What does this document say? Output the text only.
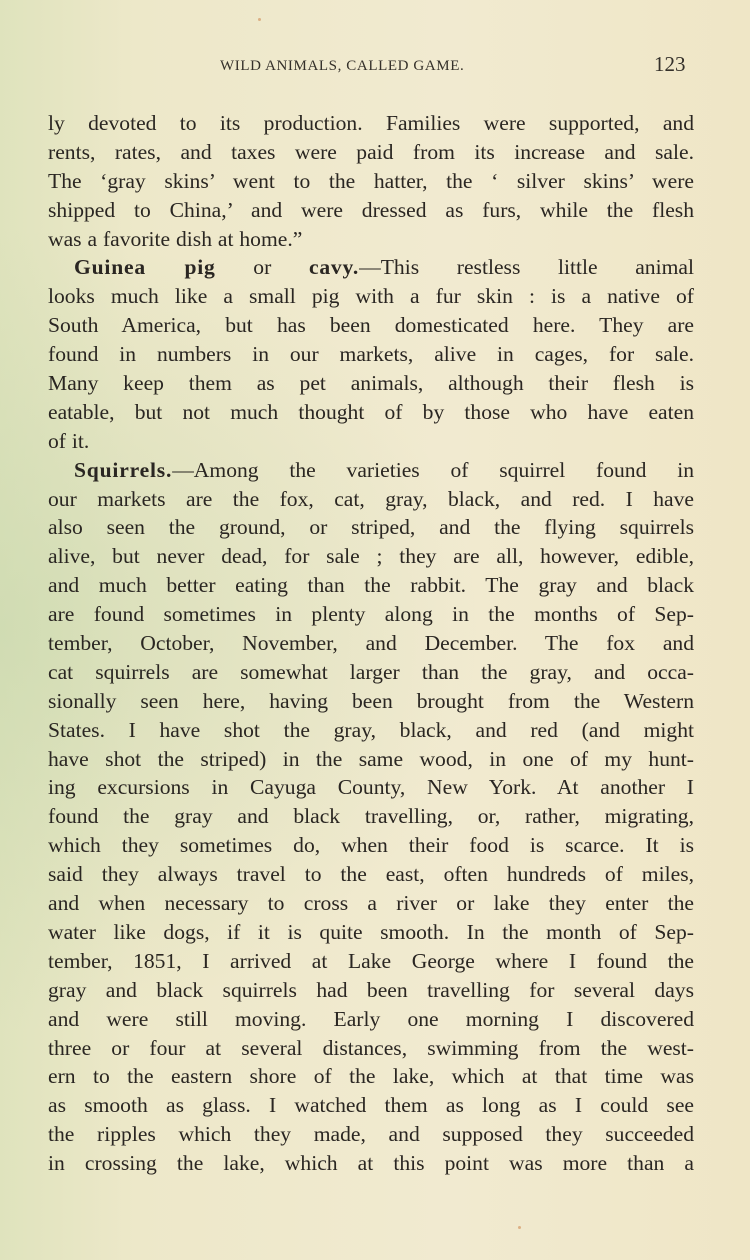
WILD ANIMALS, CALLED GAME.	123
ly devoted to its production. Families were supported, and
rents, rates, and taxes were paid from its increase and sale.
The ‘gray skins’ went to the hatter, the ‘ silver skins’ were
shipped to China,’ and were dressed as furs, while the flesh
was a favorite dish at home.”
Guinea pig or cavy.—This restless little animal
looks much like a small pig with a fur skin : is a native of
South America, but has been domesticated here. They are
found in numbers in our markets, alive in cages, for sale.
Many keep them as pet animals, although their flesh is
eatable, but not much thought of by those who have eaten
of it.
Squirrels.—Among the varieties of squirrel found in
our markets are the fox, cat, gray, black, and red. I have
also seen the ground, or striped, and the flying squirrels
alive, but never dead, for sale ; they are all, however, edible,
and much better eating than the rabbit. The gray and black
are found sometimes in plenty along in the months of Sep-
tember, October, November, and December. The fox and
cat squirrels are somewhat larger than the gray, and occa-
sionally seen here, having been brought from the Western
States. I have shot the gray, black, and red (and might
have shot the striped) in the same wood, in one of my hunt-
ing excursions in Cayuga County, New York. At another I
found the gray and black travelling, or, rather, migrating,
which they sometimes do, when their food is scarce. It is
said they always travel to the east, often hundreds of miles,
and when necessary to cross a river or lake they enter the
water like dogs, if it is quite smooth. In the month of Sep-
tember, 1851, I arrived at Lake George where I found the
gray and black squirrels had been travelling for several days
and were still moving. Early one morning I discovered
three or four at several distances, swimming from the west-
ern to the eastern shore of the lake, which at that time was
as smooth as glass. I watched them as long as I could see
the ripples which they made, and supposed they succeeded
in crossing the lake, which at this point was more than a
